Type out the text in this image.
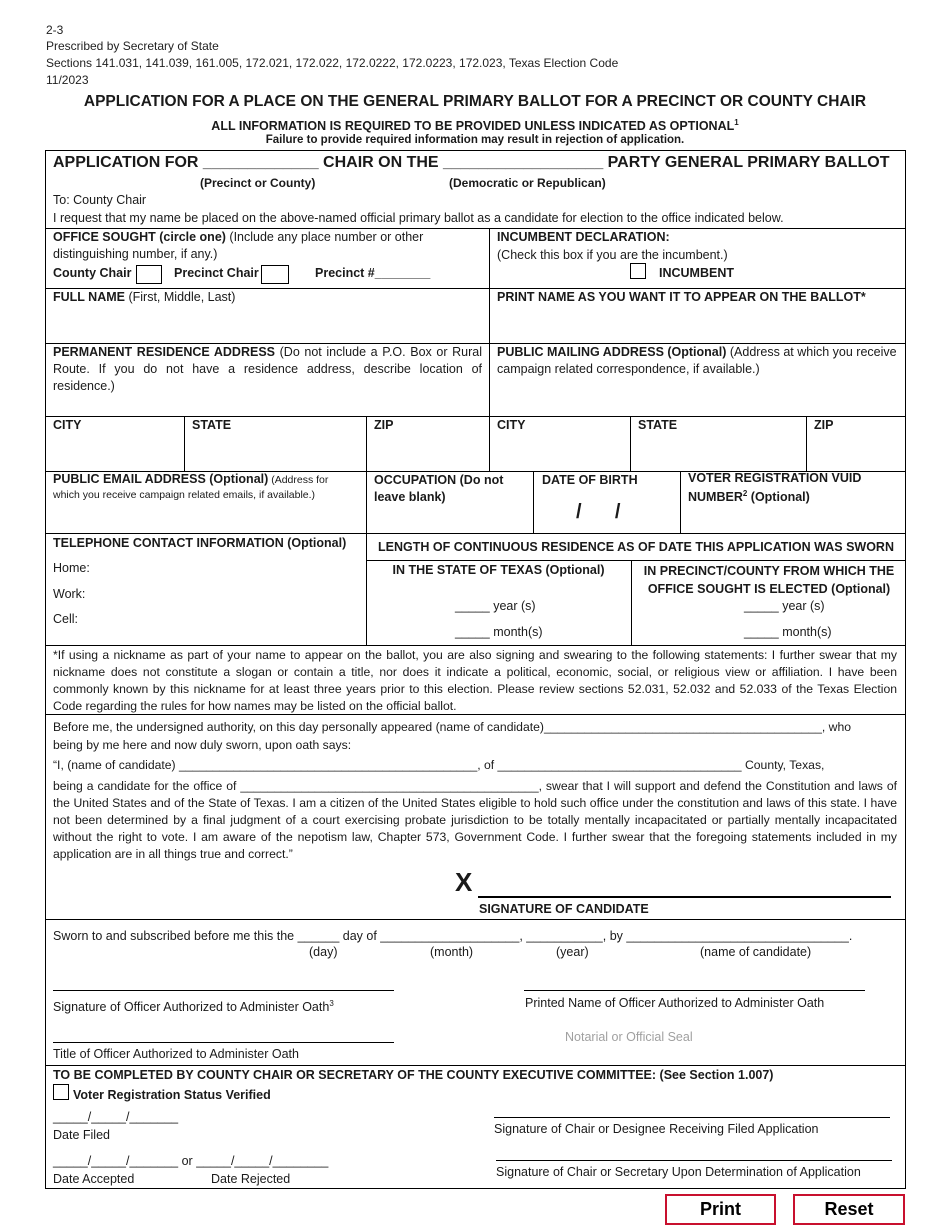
2-3
Prescribed by Secretary of State
Sections 141.031, 141.039, 161.005, 172.021, 172.022, 172.0222, 172.0223, 172.023, Texas Election Code
11/2023
APPLICATION FOR A PLACE ON THE GENERAL PRIMARY BALLOT FOR A PRECINCT OR COUNTY CHAIR
ALL INFORMATION IS REQUIRED TO BE PROVIDED UNLESS INDICATED AS OPTIONAL$^1$
Failure to provide required information may result in rejection of application.
APPLICATION FOR _____________ CHAIR ON THE __________________ PARTY GENERAL PRIMARY BALLOT
(Precinct or County)	(Democratic or Republican)
To: County Chair
I request that my name be placed on the above-named official primary ballot as a candidate for election to the office indicated below.
OFFICE SOUGHT (circle one) (Include any place number or other distinguishing number, if any.)
County Chair	Precinct Chair	Precinct #________
INCUMBENT DECLARATION:
(Check this box if you are the incumbent.)
INCUMBENT
FULL NAME (First, Middle, Last)	PRINT NAME AS YOU WANT IT TO APPEAR ON THE BALLOT*
PERMANENT RESIDENCE ADDRESS (Do not include a P.O. Box or Rural Route. If you do not have a residence address, describe location of residence.)
PUBLIC MAILING ADDRESS (Optional) (Address at which you receive campaign related correspondence, if available.)
CITY	STATE	ZIP	CITY	STATE	ZIP
PUBLIC EMAIL ADDRESS (Optional) (Address for which you receive campaign related emails, if available.)
OCCUPATION (Do not leave blank)
DATE OF BIRTH
/      /
VOTER REGISTRATION VUID NUMBER$^2$ (Optional)
TELEPHONE CONTACT INFORMATION (Optional)
Home:
Work:
Cell:
LENGTH OF CONTINUOUS RESIDENCE AS OF DATE THIS APPLICATION WAS SWORN
IN THE STATE OF TEXAS (Optional)	IN PRECINCT/COUNTY FROM WHICH THE OFFICE SOUGHT IS ELECTED (Optional)
_____ year (s)
_____ month(s)
_____ year (s)
_____ month(s)
*If using a nickname as part of your name to appear on the ballot, you are also signing and swearing to the following statements: I further swear that my nickname does not constitute a slogan or contain a title, nor does it indicate a political, economic, social, or religious view or affiliation. I have been commonly known by this nickname for at least three years prior to this election. Please review sections 52.031, 52.032 and 52.033 of the Texas Election Code regarding the rules for how names may be listed on the official ballot.
Before me, the undersigned authority, on this day personally appeared (name of candidate)_________________________________________, who
being by me here and now duly sworn, upon oath says:
“I, (name of candidate) ____________________________________________, of ____________________________________ County, Texas,
being a candidate for the office of ____________________________________________, swear that I will support and defend the Constitution and laws of the United States and of the State of Texas. I am a citizen of the United States eligible to hold such office under the constitution and laws of this state. I have not been determined by a final judgment of a court exercising probate jurisdiction to be totally mentally incapacitated or partially mentally incapacitated without the right to vote. I am aware of the nepotism law, Chapter 573, Government Code. I further swear that the foregoing statements included in my application are in all things true and correct.”
X
SIGNATURE OF CANDIDATE
Sworn to and subscribed before me this the ______ day of ____________________, ___________, by ________________________________.
(day)	(month)	(year)	(name of candidate)
Signature of Officer Authorized to Administer Oath$^3$	Printed Name of Officer Authorized to Administer Oath
Notarial or Official Seal
Title of Officer Authorized to Administer Oath
TO BE COMPLETED BY COUNTY CHAIR OR SECRETARY OF THE COUNTY EXECUTIVE COMMITTEE: (See Section 1.007)
Voter Registration Status Verified
_____/_____/_______
Date Filed
_____/_____/_______ or _____/_____/________
Date Accepted	Date Rejected
Signature of Chair or Designee Receiving Filed Application
Signature of Chair or Secretary Upon Determination of Application
Print	Reset
